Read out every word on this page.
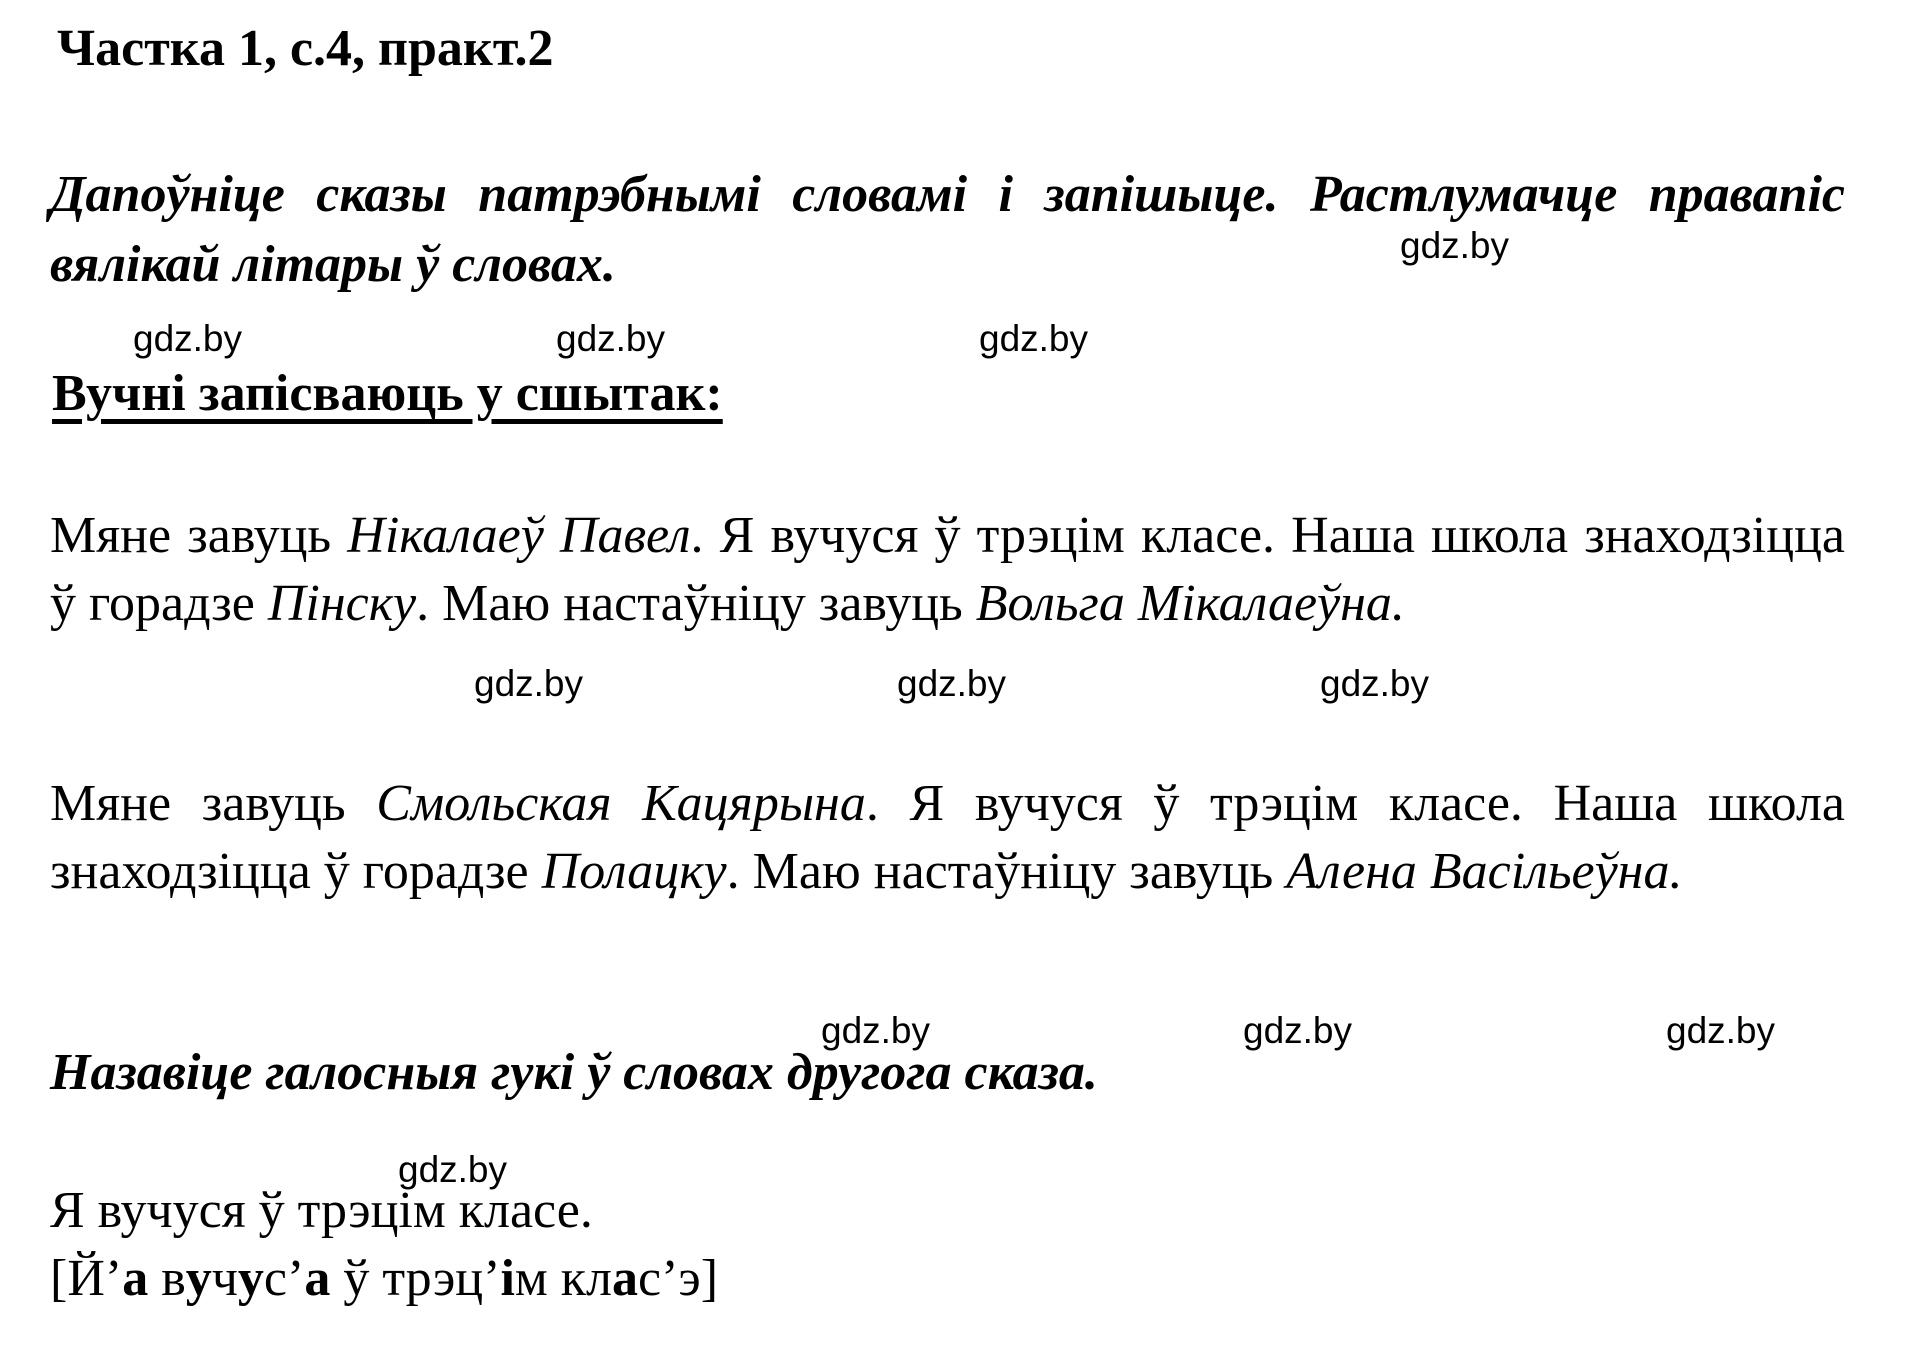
Частка 1, с.4, практ.2
Дапоўніце сказы патрэбнымі словамі і запішыце. Растлумачце правапіс вялікай літары ў словах.
Вучні запісваюць у сшытак:
Мяне завуць Нікалаеў Павел. Я вучуся ў трэцім класе. Наша школа знаходзіцца ў горадзе Пінску. Маю настаўніцу завуць Вольга Мікалаеўна.
Мяне завуць Смольская Кацярына. Я вучуся ў трэцім класе. Наша школа знаходзіцца ў горадзе Полацку. Маю настаўніцу завуць Алена Васільеўна.
Назавіце галосныя гукі ў словах другога сказа.
Я вучуся ў трэцім класе.
[Й’а вучус’а ў трэц’ім клас’э]
gdz.by
gdz.by	gdz.by	gdz.by
gdz.by	gdz.by	gdz.by
gdz.by	gdz.by	gdz.by
gdz.by
